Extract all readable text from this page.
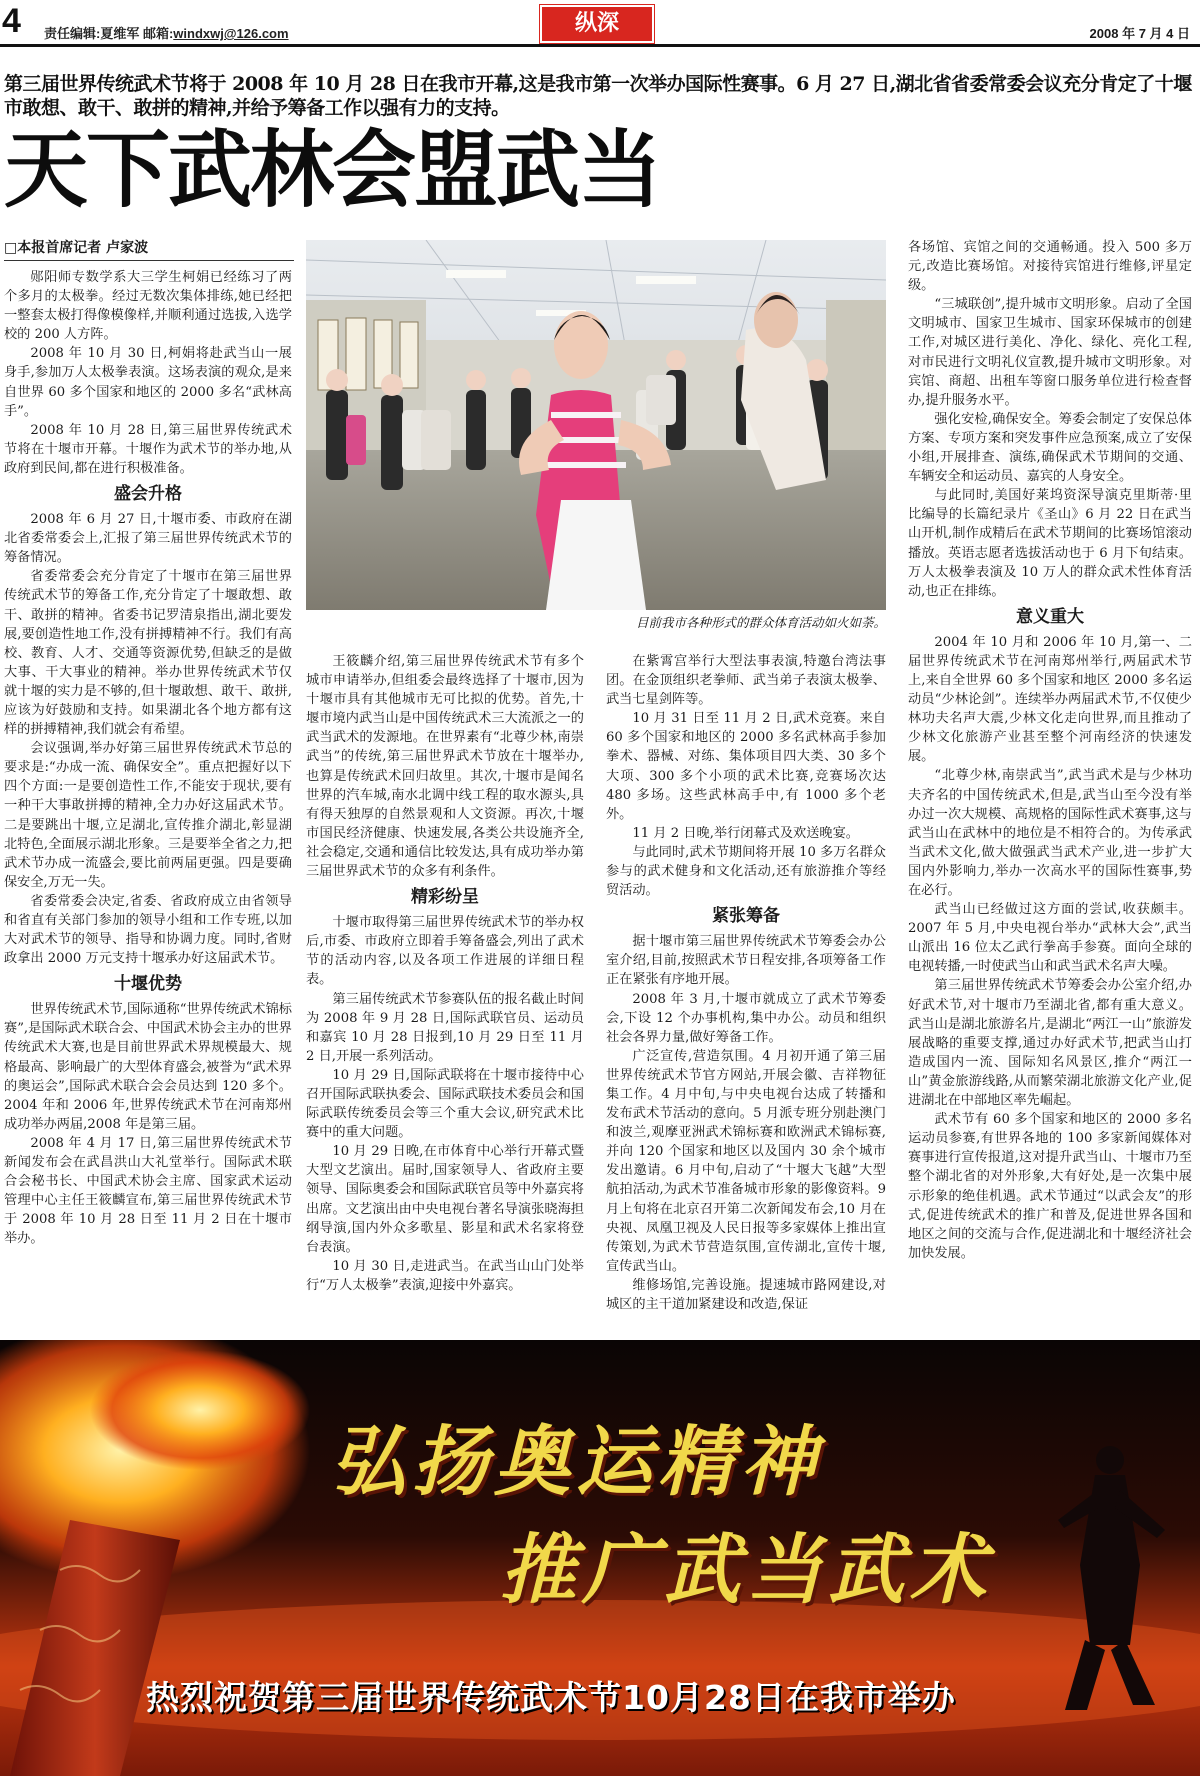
4 责任编辑:夏维军 邮箱:windxwj@126.com	纵深	2008 年 7 月 4 日
第三届世界传统武术节将于 2008 年 10 月 28 日在我市开幕,这是我市第一次举办国际性赛事。6 月 27 日,湖北省省委常委会议充分肯定了十堰市敢想、敢干、敢拼的精神,并给予筹备工作以强有力的支持。
天下武林会盟武当
□本报首席记者 卢家波

郧阳师专数学系大三学生柯娟已经练习了两个多月的太极拳。经过无数次集体排练,她已经把一整套太极打得像模像样,并顺利通过选拔,入选学校的 200 人方阵。

2008 年 10 月 30 日,柯娟将赴武当山一展身手,参加万人太极拳表演。这场表演的观众,是来自世界 60 多个国家和地区的 2000 多名“武林高手”。

2008 年 10 月 28 日,第三届世界传统武术节将在十堰市开幕。十堰作为武术节的举办地,从政府到民间,都在进行积极准备。

盛会升格

2008 年 6 月 27 日,十堰市委、市政府在湖北省委常委会上,汇报了第三届世界传统武术节的筹备情况。

省委常委会充分肯定了十堰市在第三届世界传统武术节的筹备工作,充分肯定了十堰敢想、敢干、敢拼的精神。省委书记罗清泉指出,湖北要发展,要创造性地工作,没有拼搏精神不行。我们有高校、教育、人才、交通等资源优势,但缺乏的是做大事、干大事业的精神。举办世界传统武术节仅就十堰的实力是不够的,但十堰敢想、敢干、敢拼,应该为好鼓励和支持。如果湖北各个地方都有这样的拼搏精神,我们就会有希望。

会议强调,举办好第三届世界传统武术节总的要求是:“办成一流、确保安全”。重点把握好以下四个方面:一是要创造性工作,不能安于现状,要有一种干大事敢拼搏的精神,全力办好这届武术节。二是要跳出十堰,立足湖北,宣传推介湖北,彰显湖北特色,全面展示湖北形象。三是要举全省之力,把武术节办成一流盛会,要比前两届更强。四是要确保安全,万无一失。

省委常委会决定,省委、省政府成立由省领导和省直有关部门参加的领导小组和工作专班,以加大对武术节的领导、指导和协调力度。同时,省财政拿出 2000 万元支持十堰承办好这届武术节。

十堰优势

世界传统武术节,国际通称“世界传统武术锦标赛”,是国际武术联合会、中国武术协会主办的世界传统武术大赛,也是目前世界武术界规模最大、规格最高、影响最广的大型体育盛会,被誉为“武术界的奥运会”,国际武术联合会会员达到 120 多个。2004 年和 2006 年,世界传统武术节在河南郑州成功举办两届,2008 年是第三届。

2008 年 4 月 17 日,第三届世界传统武术节新闻发布会在武昌洪山大礼堂举行。国际武术联合会秘书长、中国武术协会主席、国家武术运动管理中心主任王筱麟宣布,第三届世界传统武术节于 2008 年 10 月 28 日至 11 月 2 日在十堰市举办。

目前我市各种形式的群众体育活动如火如荼。

王筱麟介绍,第三届世界传统武术节有多个城市申请举办,但组委会最终选择了十堰市,因为十堰市具有其他城市无可比拟的优势。首先,十堰市境内武当山是中国传统武术三大流派之一的武当武术的发源地。在世界素有“北尊少林,南崇武当”的传统,第三届世界武术节放在十堰举办,也算是传统武术回归故里。其次,十堰市是闻名世界的汽车城,南水北调中线工程的取水源头,具有得天独厚的自然景观和人文资源。再次,十堰市国民经济健康、快速发展,各类公共设施齐全,社会稳定,交通和通信比较发达,具有成功举办第三届世界武术节的众多有利条件。

精彩纷呈

十堰市取得第三届世界传统武术节的举办权后,市委、市政府立即着手筹备盛会,列出了武术节的活动内容,以及各项工作进展的详细日程表。

第三届传统武术节参赛队伍的报名截止时间为 2008 年 9 月 28 日,国际武联官员、运动员和嘉宾 10 月 28 日报到,10 月 29 日至 11 月 2 日,开展一系列活动。

10 月 29 日,国际武联将在十堰市接待中心召开国际武联执委会、国际武联技术委员会和国际武联传统委员会等三个重大会议,研究武术比赛中的重大问题。

10 月 29 日晚,在市体育中心举行开幕式暨大型文艺演出。届时,国家领导人、省政府主要领导、国际奥委会和国际武联官员等中外嘉宾将出席。文艺演出由中央电视台著名导演张晓海担纲导演,国内外众多歌星、影星和武术名家将登台表演。

10 月 30 日,走进武当。在武当山山门处举行“万人太极拳”表演,迎接中外嘉宾。

在紫霄宫举行大型法事表演,特邀台湾法事团。在金顶组织老拳师、武当弟子表演太极拳、武当七星剑阵等。

10 月 31 日至 11 月 2 日,武术竞赛。来自 60 多个国家和地区的 2000 多名武林高手参加拳术、器械、对练、集体项目四大类、30 多个大项、300 多个小项的武术比赛,竞赛场次达 480 多场。这些武林高手中,有 1000 多个老外。

11 月 2 日晚,举行闭幕式及欢送晚宴。

与此同时,武术节期间将开展 10 多万名群众参与的武术健身和文化活动,还有旅游推介等经贸活动。

紧张筹备

据十堰市第三届世界传统武术节筹委会办公室介绍,目前,按照武术节日程安排,各项筹备工作正在紧张有序地开展。

2008 年 3 月,十堰市就成立了武术节筹委会,下设 12 个办事机构,集中办公。动员和组织社会各界力量,做好筹备工作。

广泛宣传,营造氛围。4 月初开通了第三届世界传统武术节官方网站,开展会徽、吉祥物征集工作。4 月中旬,与中央电视台达成了转播和发布武术节活动的意向。5 月派专班分别赴澳门和波兰,观摩亚洲武术锦标赛和欧洲武术锦标赛,并向 120 个国家和地区以及国内 30 余个城市发出邀请。6 月中旬,启动了“十堰大飞越”大型航拍活动,为武术节准备城市形象的影像资料。9 月上旬将在北京召开第二次新闻发布会,10 月在央视、凤凰卫视及人民日报等多家媒体上推出宣传策划,为武术节营造氛围,宣传湖北,宣传十堰,宣传武当山。

维修场馆,完善设施。提速城市路网建设,对城区的主干道加紧建设和改造,保证

各场馆、宾馆之间的交通畅通。投入 500 多万元,改造比赛场馆。对接待宾馆进行维修,评星定级。

“三城联创”,提升城市文明形象。启动了全国文明城市、国家卫生城市、国家环保城市的创建工作,对城区进行美化、净化、绿化、亮化工程,对市民进行文明礼仪宣教,提升城市文明形象。对宾馆、商超、出租车等窗口服务单位进行检查督办,提升服务水平。

强化安检,确保安全。筹委会制定了安保总体方案、专项方案和突发事件应急预案,成立了安保小组,开展排查、演练,确保武术节期间的交通、车辆安全和运动员、嘉宾的人身安全。

与此同时,美国好莱坞资深导演克里斯蒂·里比编导的长篇纪录片《圣山》6 月 22 日在武当山开机,制作成精后在武术节期间的比赛场馆滚动播放。英语志愿者选拔活动也于 6 月下旬结束。万人太极拳表演及 10 万人的群众武术性体育活动,也正在排练。

意义重大

2004 年 10 月和 2006 年 10 月,第一、二届世界传统武术节在河南郑州举行,两届武术节上,来自全世界 60 多个国家和地区 2000 多名运动员“少林论剑”。连续举办两届武术节,不仅使少林功夫名声大震,少林文化走向世界,而且推动了少林文化旅游产业甚至整个河南经济的快速发展。

“北尊少林,南崇武当”,武当武术是与少林功夫齐名的中国传统武术,但是,武当山至今没有举办过一次大规模、高规格的国际性武术赛事,这与武当山在武林中的地位是不相符合的。为传承武当武术文化,做大做强武当武术产业,进一步扩大国内外影响力,举办一次高水平的国际性赛事,势在必行。

武当山已经做过这方面的尝试,收获颇丰。2007 年 5 月,中央电视台举办“武林大会”,武当山派出 16 位太乙武行拳高手参赛。面向全球的电视转播,一时使武当山和武当武术名声大噪。

第三届世界传统武术节筹委会办公室介绍,办好武术节,对十堰市乃至湖北省,都有重大意义。武当山是湖北旅游名片,是湖北“两江一山”旅游发展战略的重要支撑,通过办好武术节,把武当山打造成国内一流、国际知名风景区,推介“两江一山”黄金旅游线路,从而繁荣湖北旅游文化产业,促进湖北在中部地区率先崛起。

武术节有 60 多个国家和地区的 2000 多名运动员参赛,有世界各地的 100 多家新闻媒体对赛事进行宣传报道,这对提升武当山、十堰市乃至整个湖北省的对外形象,大有好处,是一次集中展示形象的绝佳机遇。武术节通过“以武会友”的形式,促进传统武术的推广和普及,促进世界各国和地区之间的交流与合作,促进湖北和十堰经济社会加快发展。

弘扬奥运精神
推广武当武术
热烈祝贺第三届世界传统武术节10月28日在我市举办
